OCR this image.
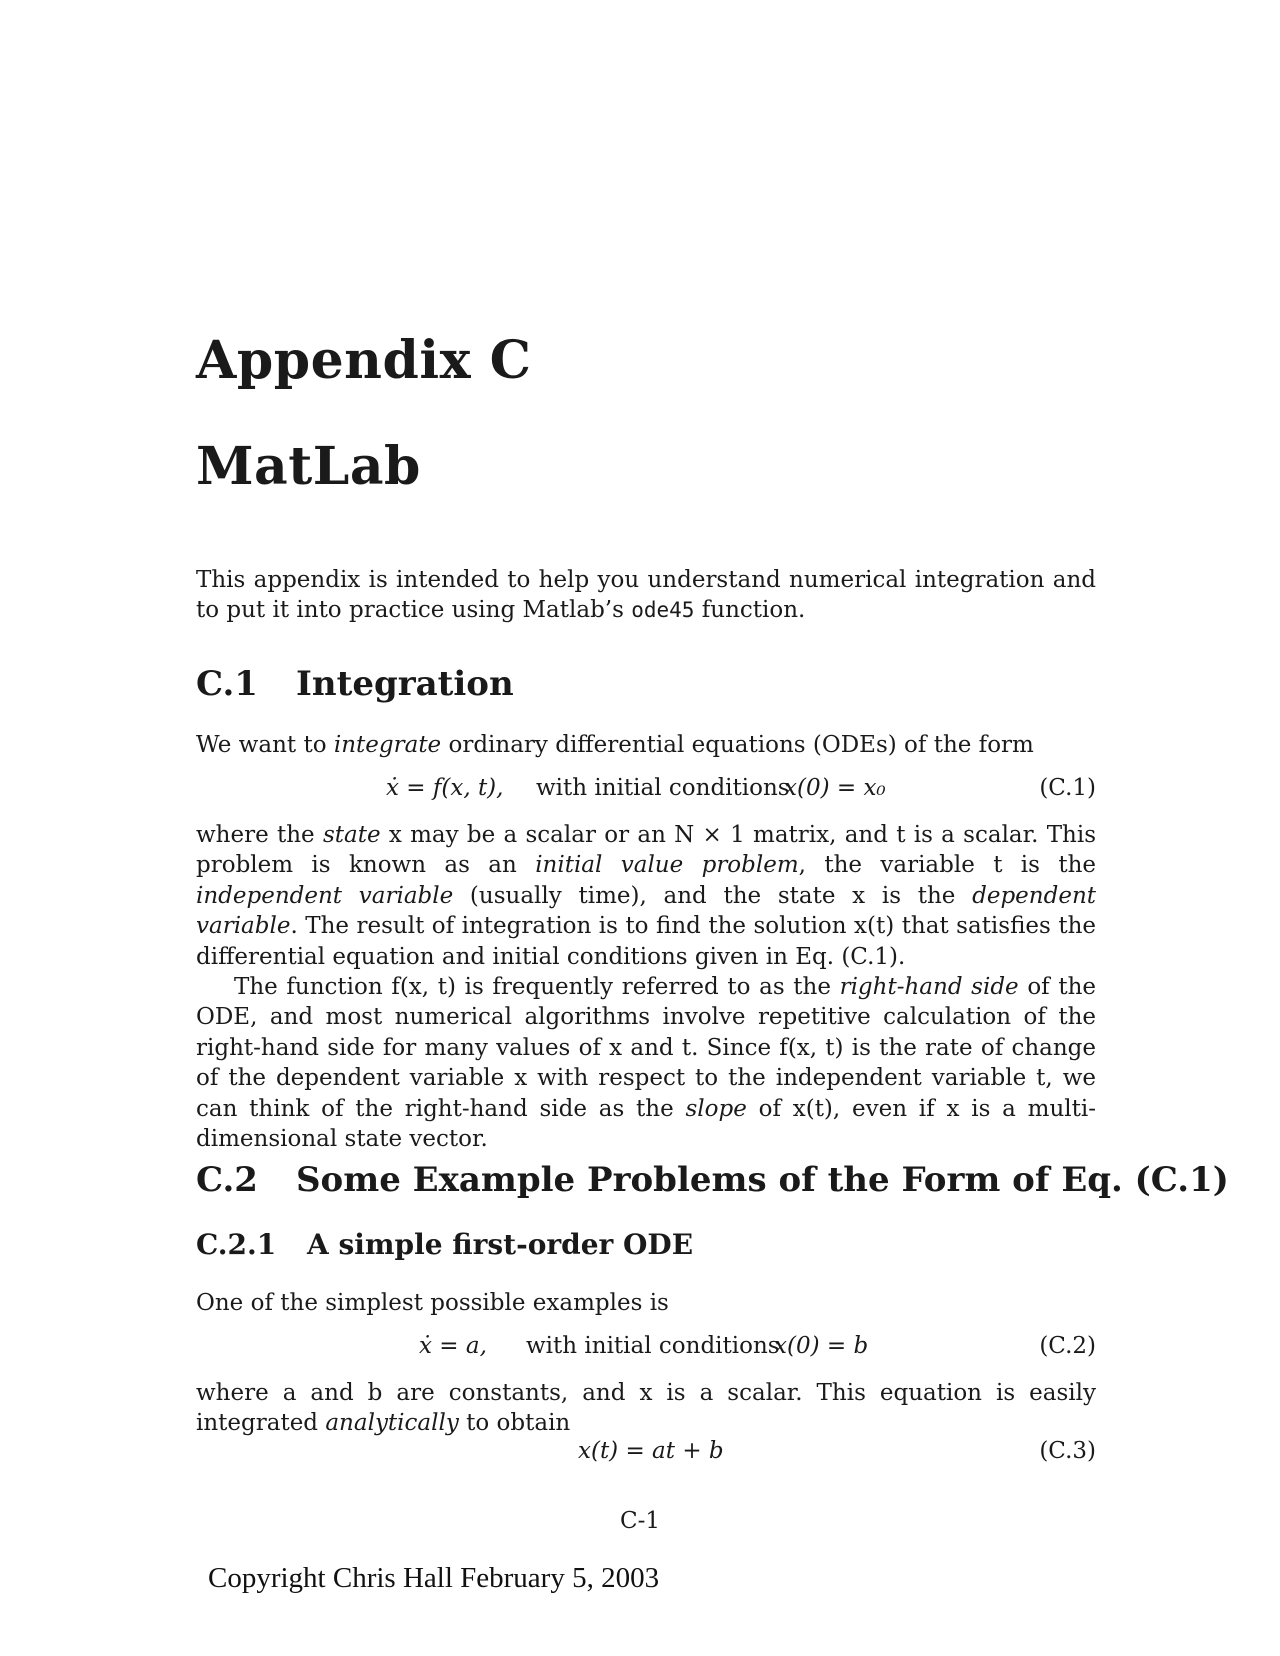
Appendix C
MatLab
This appendix is intended to help you understand numerical integration and to put it into practice using Matlab’s ode45 function.
C.1 Integration
We want to integrate ordinary differential equations (ODEs) of the form
ẋ = f(x, t), with initial conditions
x(0) = x₀	(C.1)
where the state x may be a scalar or an N × 1 matrix, and t is a scalar. This problem is known as an initial value problem, the variable t is the independent variable (usually time), and the state x is the dependent variable. The result of integration is to find the solution x(t) that satisfies the differential equation and initial conditions given in Eq. (C.1).
The function f(x, t) is frequently referred to as the right-hand side of the ODE, and most numerical algorithms involve repetitive calculation of the right-hand side for many values of x and t. Since f(x, t) is the rate of change of the dependent variable x with respect to the independent variable t, we can think of the right-hand side as the slope of x(t), even if x is a multi-dimensional state vector.
C.2 Some Example Problems of the Form of Eq. (C.1)
C.2.1 A simple first-order ODE
One of the simplest possible examples is
ẋ = a, with initial conditions
x(0) = b	(C.2)
where a and b are constants, and x is a scalar. This equation is easily integrated analytically to obtain
x(t) = at + b	(C.3)
C-1
Copyright Chris Hall February 5, 2003
